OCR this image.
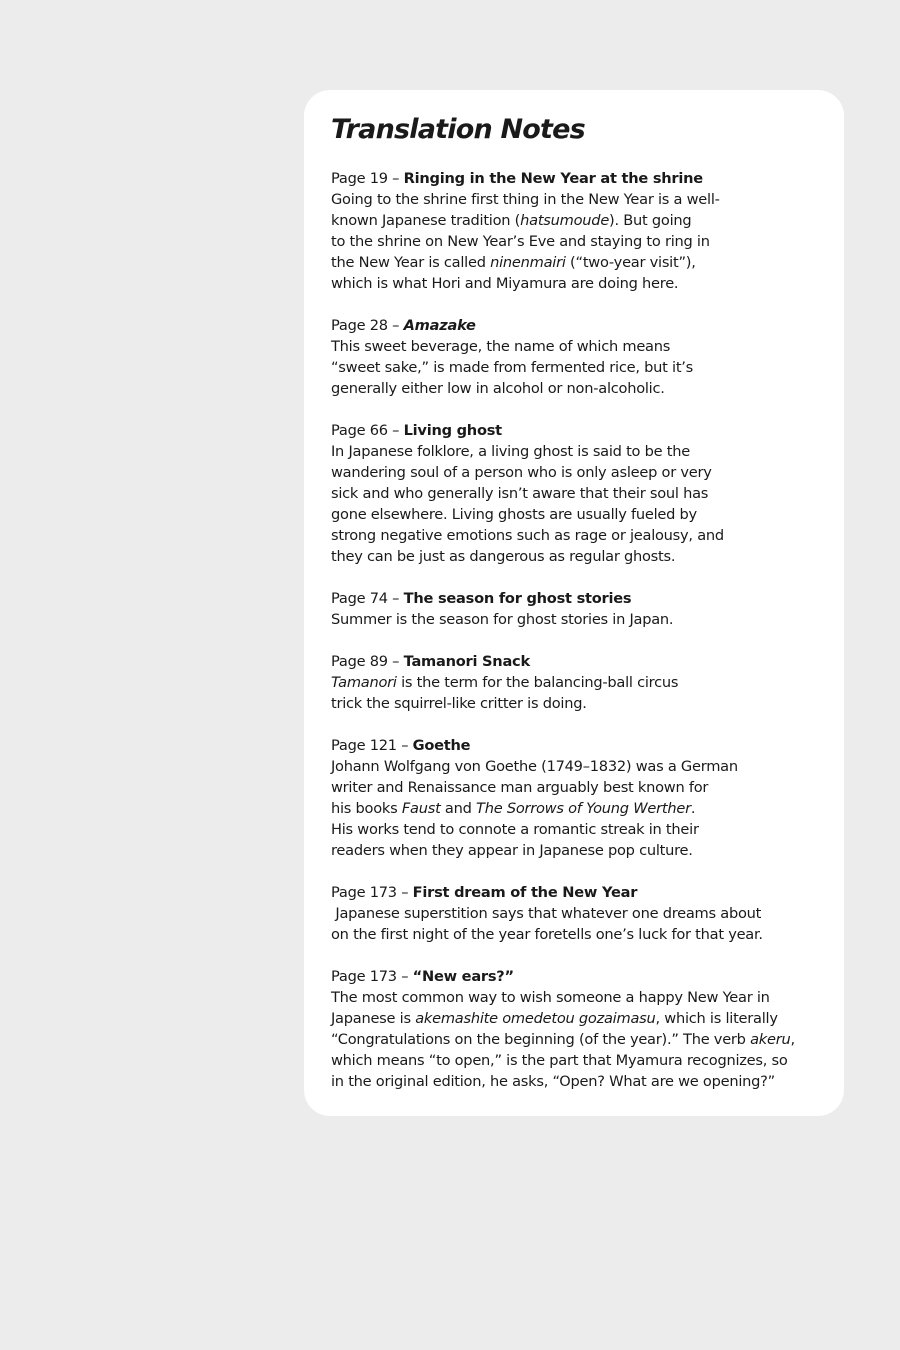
Translation Notes
Page 19 – Ringing in the New Year at the shrine
Going to the shrine first thing in the New Year is a well-
known Japanese tradition (hatsumoude). But going
to the shrine on New Year’s Eve and staying to ring in
the New Year is called ninenmairi (“two-year visit”),
which is what Hori and Miyamura are doing here.
Page 28 – Amazake
This sweet beverage, the name of which means
“sweet sake,” is made from fermented rice, but it’s
generally either low in alcohol or non-alcoholic.
Page 66 – Living ghost
In Japanese folklore, a living ghost is said to be the
wandering soul of a person who is only asleep or very
sick and who generally isn’t aware that their soul has
gone elsewhere. Living ghosts are usually fueled by
strong negative emotions such as rage or jealousy, and
they can be just as dangerous as regular ghosts.
Page 74 – The season for ghost stories
Summer is the season for ghost stories in Japan.
Page 89 – Tamanori Snack
Tamanori is the term for the balancing-ball circus
trick the squirrel-like critter is doing.
Page 121 – Goethe
Johann Wolfgang von Goethe (1749–1832) was a German
writer and Renaissance man arguably best known for
his books Faust and The Sorrows of Young Werther.
His works tend to connote a romantic streak in their
readers when they appear in Japanese pop culture.
Page 173 – First dream of the New Year
Japanese superstition says that whatever one dreams about
on the first night of the year foretells one’s luck for that year.
Page 173 – “New ears?”
The most common way to wish someone a happy New Year in
Japanese is akemashite omedetou gozaimasu, which is literally
“Congratulations on the beginning (of the year).” The verb akeru,
which means “to open,” is the part that Myamura recognizes, so
in the original edition, he asks, “Open? What are we opening?”
